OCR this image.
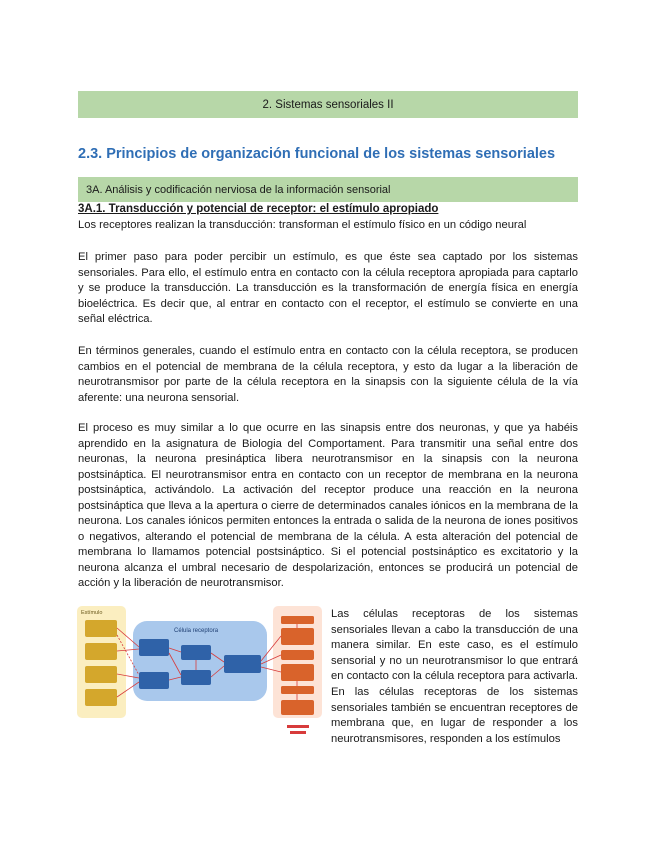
2. Sistemas sensoriales II
2.3. Principios de organización funcional de los sistemas sensoriales
3A. Análisis y codificación nerviosa de la información sensorial
3A.1. Transducción y potencial de receptor: el estímulo apropiado

Los receptores realizan la transducción: transforman el estímulo físico en un código neural

El primer paso para poder percibir un estímulo, es que éste sea captado por los sistemas sensoriales. Para ello, el estímulo entra en contacto con la célula receptora apropiada para captarlo y se produce la transducción. La transducción es la transformación de energía física en energía bioeléctrica. Es decir que, al entrar en contacto con el receptor, el estímulo se convierte en una señal eléctrica.

En términos generales, cuando el estímulo entra en contacto con la célula receptora, se producen cambios en el potencial de membrana de la célula receptora, y esto da lugar a la liberación de neurotransmisor por parte de la célula receptora en la sinapsis con la siguiente célula de la vía aferente: una neurona sensorial.

El proceso es muy similar a lo que ocurre en las sinapsis entre dos neuronas, y que ya habéis aprendido en la asignatura de Biologia del Comportament. Para transmitir una señal entre dos neuronas, la neurona presináptica libera neurotransmisor en la sinapsis con la neurona postsináptica. El neurotransmisor entra en contacto con un receptor de membrana en la neurona postsináptica, activándolo. La activación del receptor produce una reacción en la neurona postsináptica que lleva a la apertura o cierre de determinados canales iónicos en la membrana de la neurona. Los canales iónicos permiten entonces la entrada o salida de la neurona de iones positivos o negativos, alterando el potencial de membrana de la célula. A esta alteración del potencial de membrana lo llamamos potencial postsináptico. Si el potencial postsináptico es excitatorio y la neurona alcanza el umbral necesario de despolarización, entonces se producirá un potencial de acción y la liberación de neurotransmisor.

Estímulo
Célula receptora

Las células receptoras de los sistemas sensoriales llevan a cabo la transducción de una manera similar. En este caso, es el estímulo sensorial y no un neurotransmisor lo que entrará en contacto con la célula receptora para activarla. En las células receptoras de los sistemas sensoriales también se encuentran receptores de membrana que, en lugar de responder a los neurotransmisores, responden a los estímulos
